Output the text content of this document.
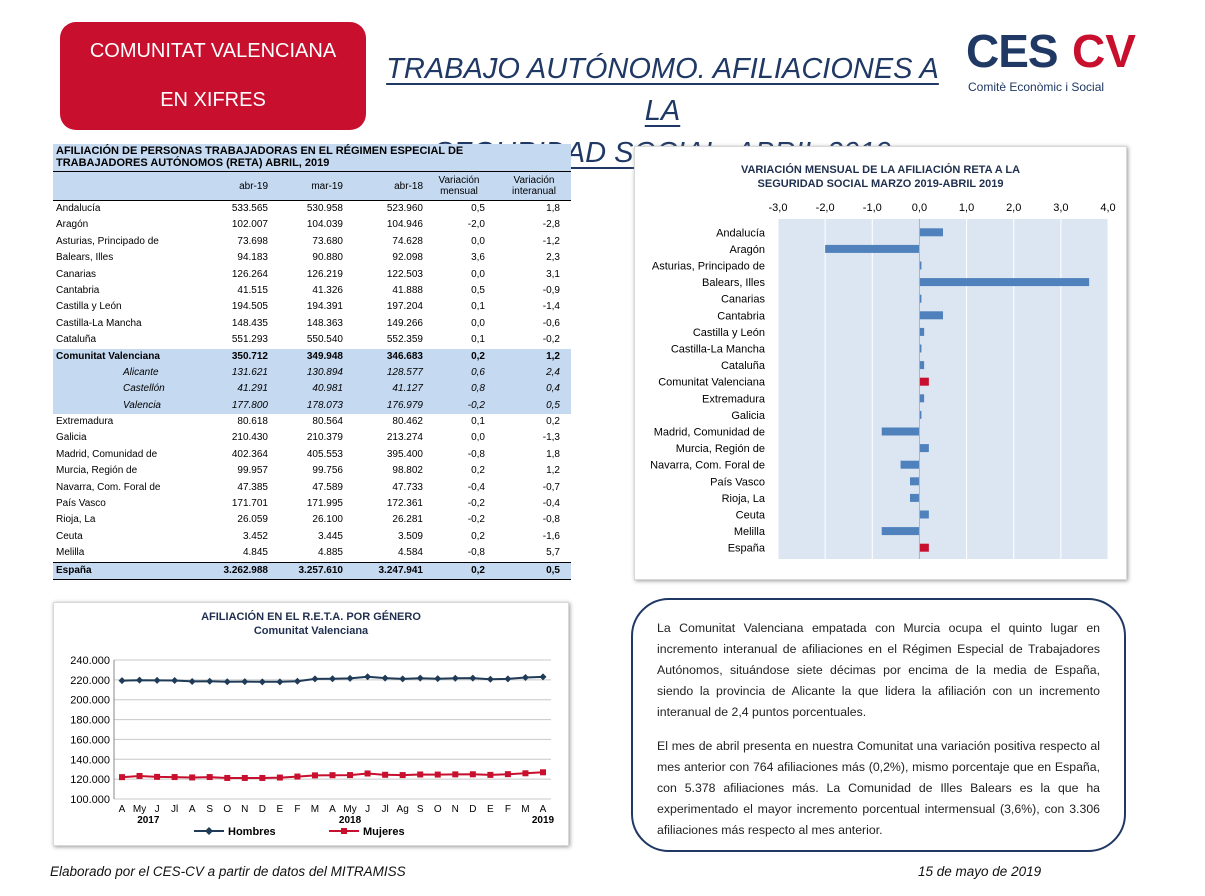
COMUNITAT VALENCIANA
EN XIFRES
TRABAJO AUTÓNOMO. AFILIACIONES A LA

CES CV
Comitè Econòmic i Social
AFILIACIÓN DE PERSONAS TRABAJADORAS EN EL RÉGIMEN ESPECIAL DE
TRABAJADORES AUTÓNOMOS (RETA) ABRIL, 2019
abr-19	mar-19	abr-18
Variación
mensual
Variación
interanual
Andalucía	533.565	530.958	523.960	0,5	1,8
Aragón	102.007	104.039	104.946	-2,0	-2,8
Asturias, Principado de	73.698	73.680	74.628	0,0	-1,2
Balears, Illes	94.183	90.880	92.098	3,6	2,3
Canarias	126.264	126.219	122.503	0,0	3,1
Cantabria	41.515	41.326	41.888	0,5	-0,9
Castilla y León	194.505	194.391	197.204	0,1	-1,4
Castilla-La Mancha	148.435	148.363	149.266	0,0	-0,6
Cataluña	551.293	550.540	552.359	0,1	-0,2
Comunitat Valenciana	350.712	349.948	346.683	0,2	1,2
Alicante	131.621	130.894	128.577	0,6	2,4
Castellón	41.291	40.981	41.127	0,8	0,4
Valencia	177.800	178.073	176.979	-0,2	0,5
Extremadura	80.618	80.564	80.462	0,1	0,2
Galicia	210.430	210.379	213.274	0,0	-1,3
Madrid, Comunidad de	402.364	405.553	395.400	-0,8	1,8
Murcia, Región de	99.957	99.756	98.802	0,2	1,2
Navarra, Com. Foral de	47.385	47.589	47.733	-0,4	-0,7
País Vasco	171.701	171.995	172.361	-0,2	-0,4
Rioja, La	26.059	26.100	26.281	-0,2	-0,8
Ceuta	3.452	3.445	3.509	0,2	-1,6
Melilla	4.845	4.885	4.584	-0,8	5,7
España	3.262.988	3.257.610	3.247.941	0,2	0,5
VARIACIÓN MENSUAL DE LA AFILIACIÓN RETA A LA
SEGURIDAD SOCIAL MARZO 2019-ABRIL 2019
-3,0	-2,0	-1,0	0,0	1,0	2,0	3,0	4,0
Andalucía
Aragón
Asturias, Principado de
Balears, Illes
Canarias
Cantabria
Castilla y León
Castilla-La Mancha
Cataluña
Comunitat Valenciana
Extremadura
Galicia
Madrid, Comunidad de
Murcia, Región de
Navarra, Com. Foral de
País Vasco
Rioja, La
Ceuta
Melilla
España
AFILIACIÓN EN EL R.E.T.A. POR GÉNERO
Comunitat Valenciana
100.000
120.000
140.000
160.000
180.000
200.000
220.000
240.000
A My J Jl A S O N D E F M A My J Jl Ag S O N D E F M A
2017	2018	2019
Hombres	Mujeres

La Comunitat Valenciana empatada con Murcia ocupa el quinto lugar en incremento interanual de afiliaciones en el Régimen Especial de Trabajadores Autónomos, situándose siete décimas por encima de la media de España, siendo la provincia de Alicante la que lidera la afiliación con un incremento interanual de 2,4 puntos porcentuales.

El mes de abril presenta en nuestra Comunitat una variación positiva respecto al mes anterior con 764 afiliaciones más (0,2%), mismo porcentaje que en España, con 5.378 afiliaciones más. La Comunidad de Illes Balears es la que ha experimentado el mayor incremento porcentual intermensual (3,6%), con 3.306 afiliaciones más respecto al mes anterior.

Elaborado por el CES-CV a partir de datos del MITRAMISS	15 de mayo de 2019
